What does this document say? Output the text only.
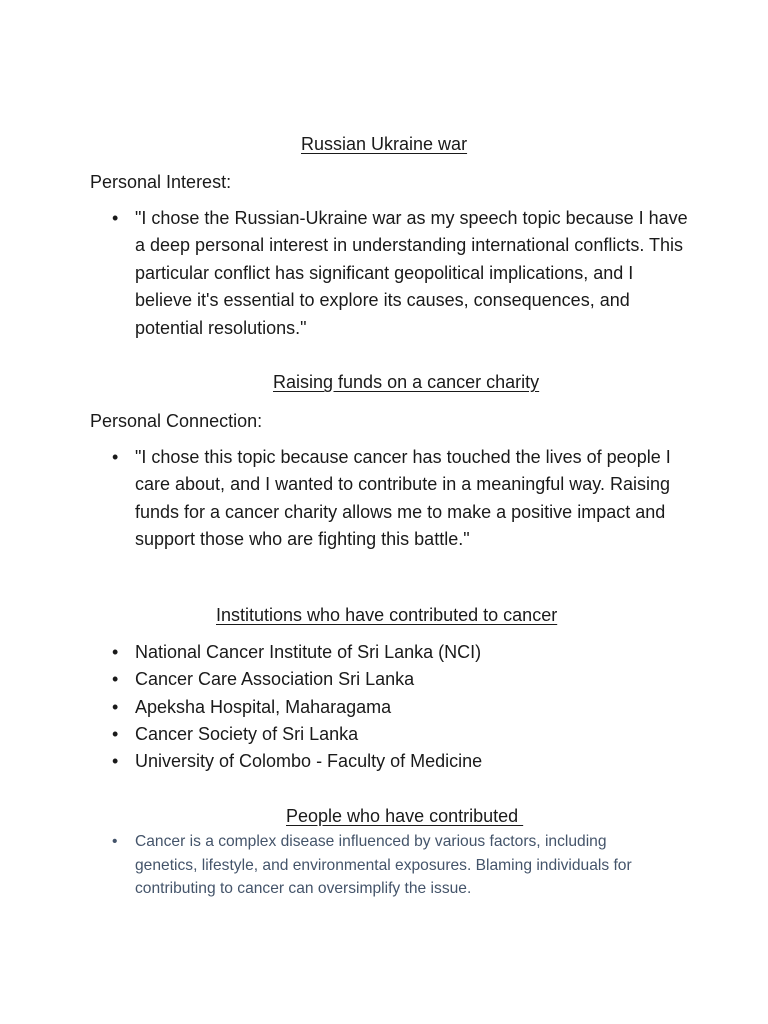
Russian Ukraine war

Personal Interest:

• "I chose the Russian-Ukraine war as my speech topic because I have a deep personal interest in understanding international conflicts. This particular conflict has significant geopolitical implications, and I believe it's essential to explore its causes, consequences, and potential resolutions."
Raising funds on a cancer charity

Personal Connection:

• "I chose this topic because cancer has touched the lives of people I care about, and I wanted to contribute in a meaningful way. Raising funds for a cancer charity allows me to make a positive impact and support those who are fighting this battle."
Institutions who have contributed to cancer
• National Cancer Institute of Sri Lanka (NCI)
• Cancer Care Association Sri Lanka
• Apeksha Hospital, Maharagama
• Cancer Society of Sri Lanka
• University of Colombo - Faculty of Medicine
People who have contributed
• Cancer is a complex disease influenced by various factors, including genetics, lifestyle, and environmental exposures. Blaming individuals for contributing to cancer can oversimplify the issue.
